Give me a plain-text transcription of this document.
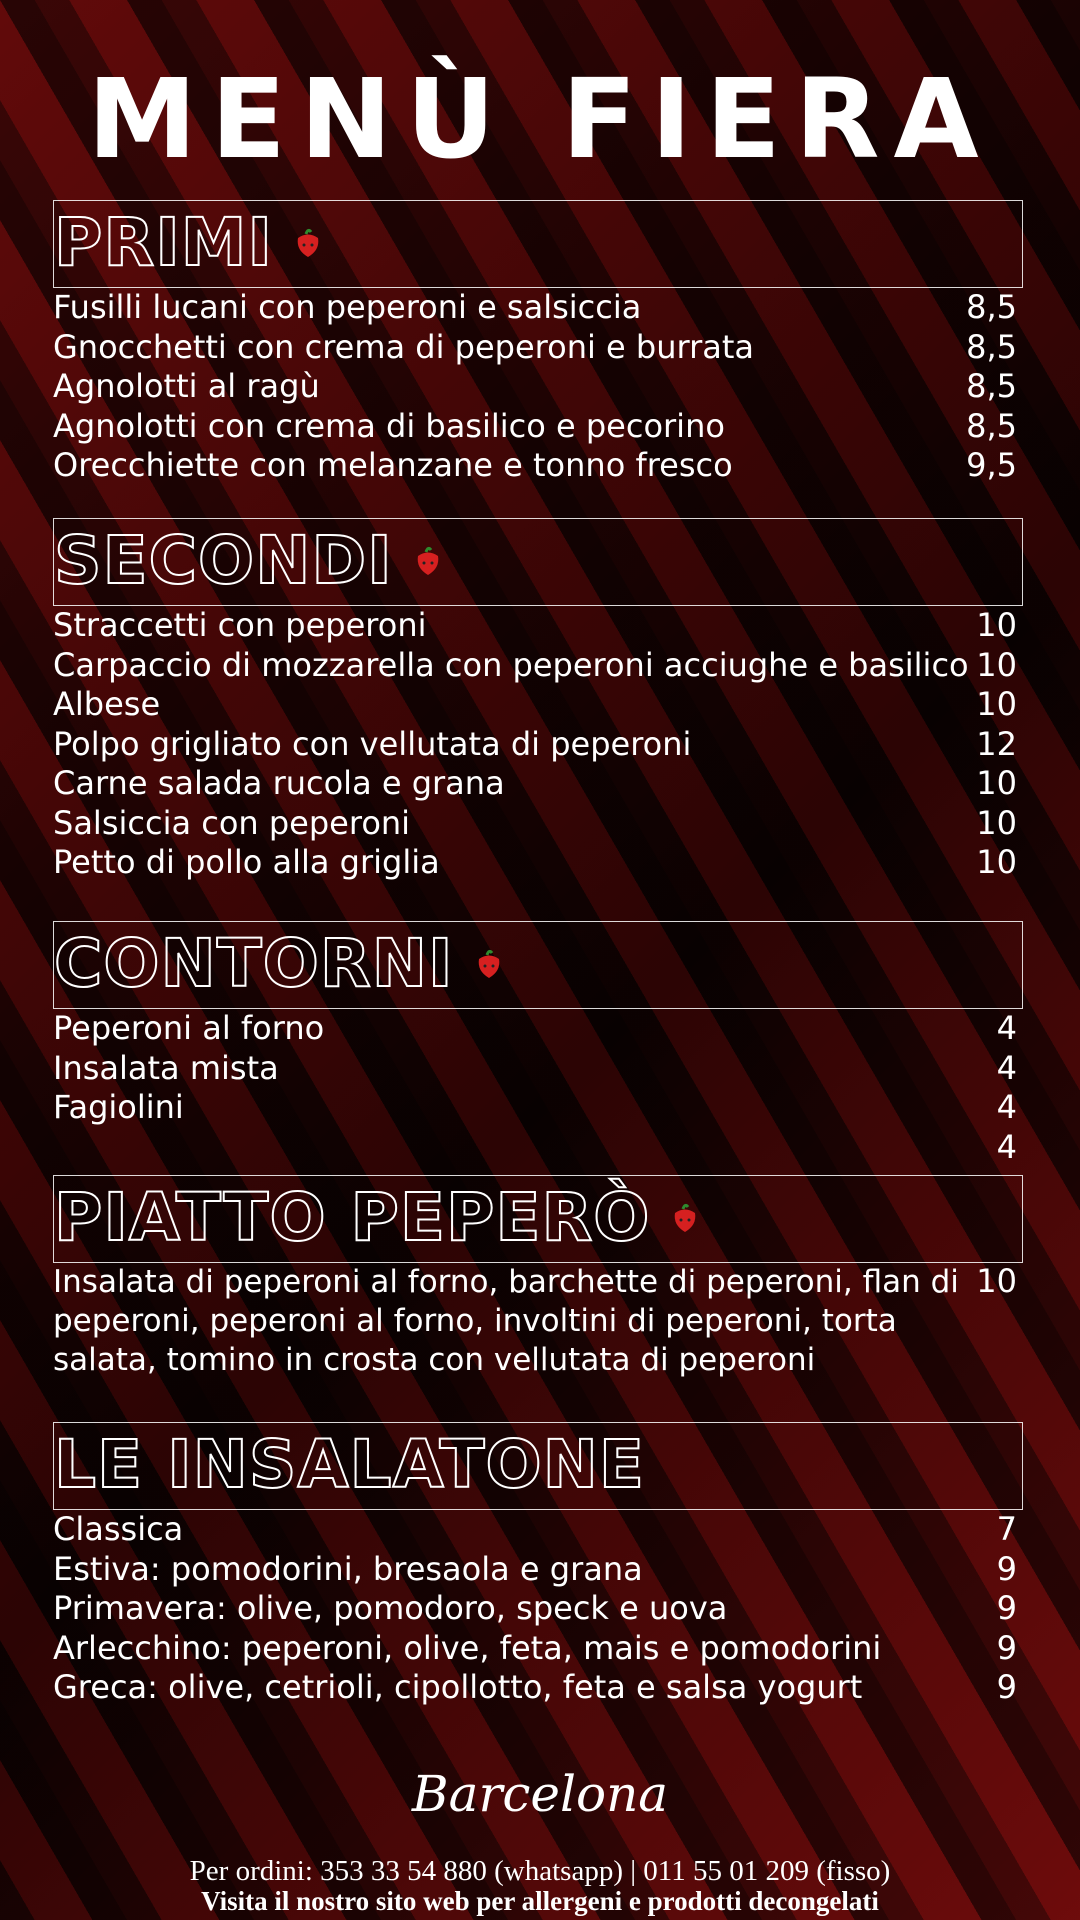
MENÙ FIERA
PRIMI
Fusilli lucani con peperoni e salsiccia	8,5
Gnocchetti con crema di peperoni e burrata	8,5
Agnolotti al ragù	8,5
Agnolotti con crema di basilico e pecorino	8,5
Orecchiette con melanzane e tonno fresco	9,5
SECONDI
Straccetti con peperoni	10
Carpaccio di mozzarella con peperoni acciughe e basilico 10
Albese	10
Polpo grigliato con vellutata di peperoni	12
Carne salada rucola e grana	10
Salsiccia con peperoni	10
Petto di pollo alla griglia	10
CONTORNI
Peperoni al forno	4
Insalata mista	4
Fagiolini	4
4
PIATTO PEPERÒ
Insalata di peperoni al forno, barchette di peperoni, flan di peperoni, peperoni al forno, involtini di peperoni, torta salata, tomino in crosta con vellutata di peperoni
10
LE INSALATONE
Classica	7
Estiva: pomodorini, bresaola e grana	9
Primavera: olive, pomodoro, speck e uova	9
Arlecchino: peperoni, olive, feta, mais e pomodorini	9
Greca: olive, cetrioli, cipollotto, feta e salsa yogurt	9
Barcelona
Per ordini: 353 33 54 880 (whatsapp) | 011 55 01 209 (fisso)
Visita il nostro sito web per allergeni e prodotti decongelati
